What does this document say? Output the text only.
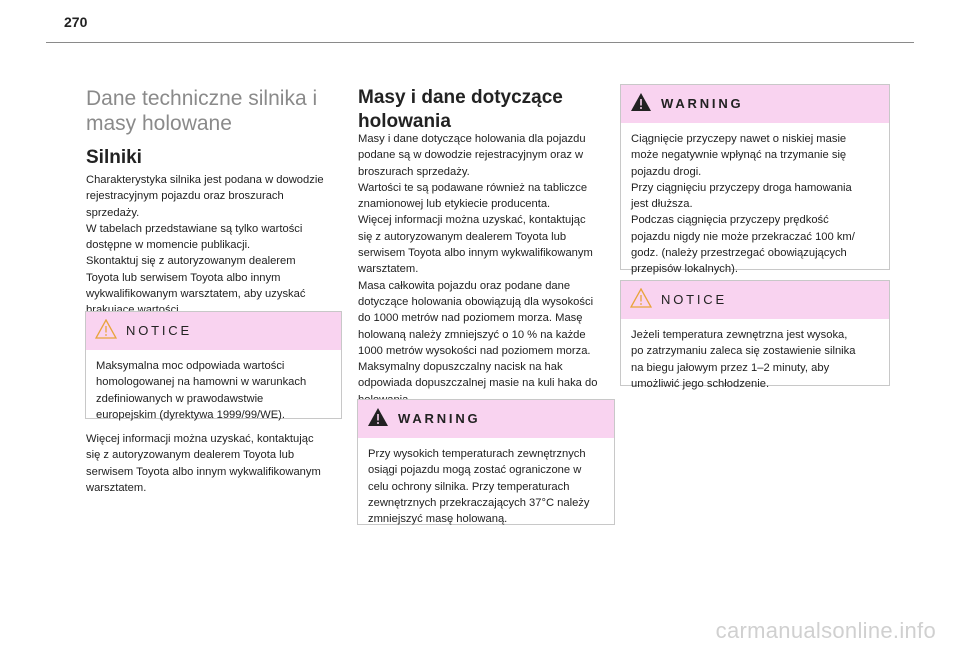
270
Dane techniczne silnika i
masy holowane
Silniki

Charakterystyka silnika jest podana w dowodzie
rejestracyjnym pojazdu oraz broszurach
sprzedaży.
W tabelach przedstawiane są tylko wartości
dostępne w momencie publikacji.
Skontaktuj się z autoryzowanym dealerem
Toyota lub serwisem Toyota albo innym
wykwalifikowanym warsztatem, aby uzyskać

NOTICE

Maksymalna moc odpowiada wartości
homologowanej na hamowni w warunkach
zdefiniowanych w prawodawstwie
europejskim (dyrektywa 1999/99/WE).

Więcej informacji można uzyskać, kontaktując
się z autoryzowanym dealerem Toyota lub
serwisem Toyota albo innym wykwalifikowanym
warsztatem.

Masy i dane dotyczące
holowania

Masy i dane dotyczące holowania dla pojazdu
podane są w dowodzie rejestracyjnym oraz w
broszurach sprzedaży.
Wartości te są podawane również na tabliczce
znamionowej lub etykiecie producenta.
Więcej informacji można uzyskać, kontaktując
się z autoryzowanym dealerem Toyota lub
serwisem Toyota albo innym wykwalifikowanym
warsztatem.
Masa całkowita pojazdu oraz podane dane
dotyczące holowania obowiązują dla wysokości
do 1000 metrów nad poziomem morza. Masę
holowaną należy zmniejszyć o 10 % na każde
1000 metrów wysokości nad poziomem morza.
Maksymalny dopuszczalny nacisk na hak
odpowiada dopuszczalnej masie na kuli haka do

WARNING

Przy wysokich temperaturach zewnętrznych
osiągi pojazdu mogą zostać ograniczone w
celu ochrony silnika. Przy temperaturach
zewnętrznych przekraczających 37°C należy
zmniejszyć masę holowaną.

WARNING

Ciągnięcie przyczepy nawet o niskiej masie
może negatywnie wpłynąć na trzymanie się
pojazdu drogi.
Przy ciągnięciu przyczepy droga hamowania
jest dłuższa.
Podczas ciągnięcia przyczepy prędkość
pojazdu nigdy nie może przekraczać 100 km/
godz. (należy przestrzegać obowiązujących
przepisów lokalnych).

NOTICE

Jeżeli temperatura zewnętrzna jest wysoka,
po zatrzymaniu zaleca się zostawienie silnika
na biegu jałowym przez 1–2 minuty, aby
umożliwić jego schłodzenie.

carmanualsonline.info
